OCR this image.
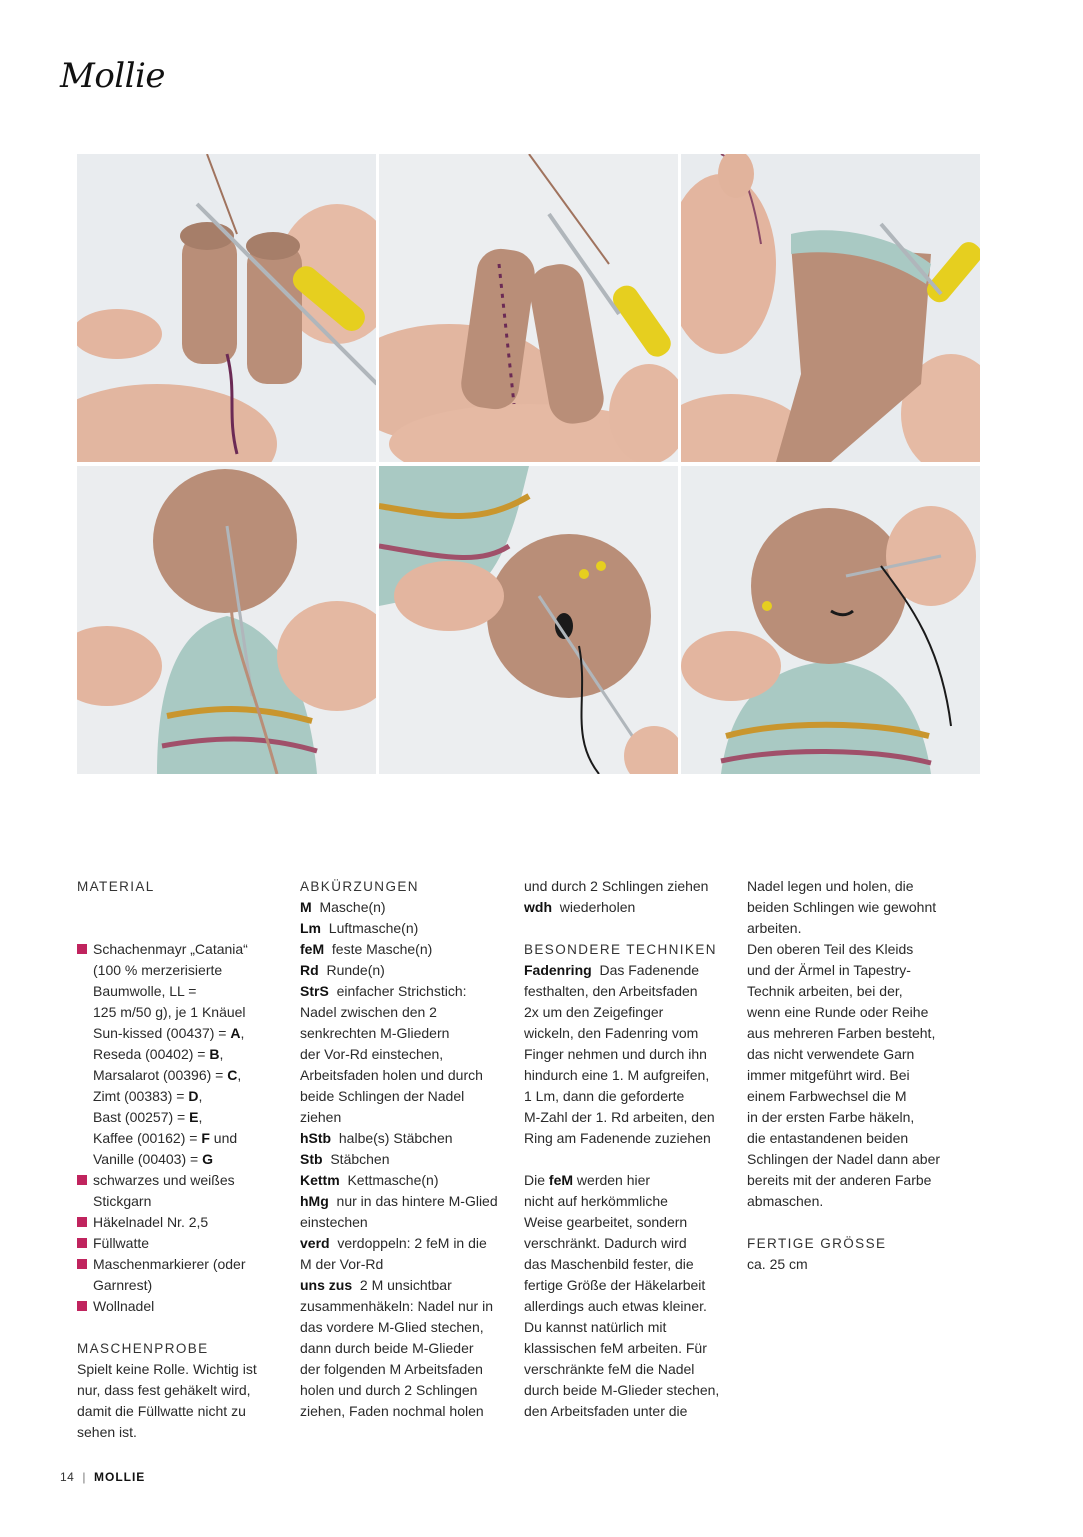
Mollie

MATERIAL

Schachenmayr „Catania“
(100 % merzerisierte
Baumwolle, LL =
125 m/50 g), je 1 Knäuel
Sun-kissed (00437) = A,
Reseda (00402) = B,
Marsalarot (00396) = C,
Zimt (00383) = D,
Bast (00257) = E,
Kaffee (00162) = F und
Vanille (00403) = G
schwarzes und weißes
Stickgarn
Häkelnadel Nr. 2,5
Füllwatte
Maschenmarkierer (oder
Garnrest)
Wollnadel

MASCHENPROBE

Spielt keine Rolle. Wichtig ist

nur, dass fest gehäkelt wird,

damit die Füllwatte nicht zu

sehen ist.

ABKÜRZUNGEN

M Masche(n)

Lm Luftmasche(n)

feM feste Masche(n)

Rd Runde(n)

StrS einfacher Strichstich:

Nadel zwischen den 2

senkrechten M-Gliedern

der Vor-Rd einstechen,

Arbeitsfaden holen und durch

beide Schlingen der Nadel

ziehen

hStb halbe(s) Stäbchen

Stb Stäbchen

Kettm Kettmasche(n)

hMg nur in das hintere M-Glied

einstechen

verd verdoppeln: 2 feM in die

M der Vor-Rd

uns zus 2 M unsichtbar

zusammenhäkeln: Nadel nur in

das vordere M-Glied stechen,

dann durch beide M-Glieder

der folgenden M Arbeitsfaden

holen und durch 2 Schlingen

ziehen, Faden nochmal holen

und durch 2 Schlingen ziehen

wdh wiederholen

BESONDERE TECHNIKEN

Fadenring Das Fadenende

festhalten, den Arbeitsfaden

2x um den Zeigefinger

wickeln, den Fadenring vom

Finger nehmen und durch ihn

hindurch eine 1. M aufgreifen,

1 Lm, dann die geforderte

M-Zahl der 1. Rd arbeiten, den

Ring am Fadenende zuziehen

Die feM werden hier

nicht auf herkömmliche

Weise gearbeitet, sondern

verschränkt. Dadurch wird

das Maschenbild fester, die

fertige Größe der Häkelarbeit

allerdings auch etwas kleiner.

Du kannst natürlich mit

klassischen feM arbeiten. Für

verschränkte feM die Nadel

durch beide M-Glieder stechen,

den Arbeitsfaden unter die

Nadel legen und holen, die

beiden Schlingen wie gewohnt

arbeiten.

Den oberen Teil des Kleids

und der Ärmel in Tapestry-

Technik arbeiten, bei der,

wenn eine Runde oder Reihe

aus mehreren Farben besteht,

das nicht verwendete Garn

immer mitgeführt wird. Bei

einem Farbwechsel die M

in der ersten Farbe häkeln,

die entastandenen beiden

Schlingen der Nadel dann aber

bereits mit der anderen Farbe

abmaschen.

FERTIGE GRÖSSE

ca. 25 cm

14 | MOLLIE
